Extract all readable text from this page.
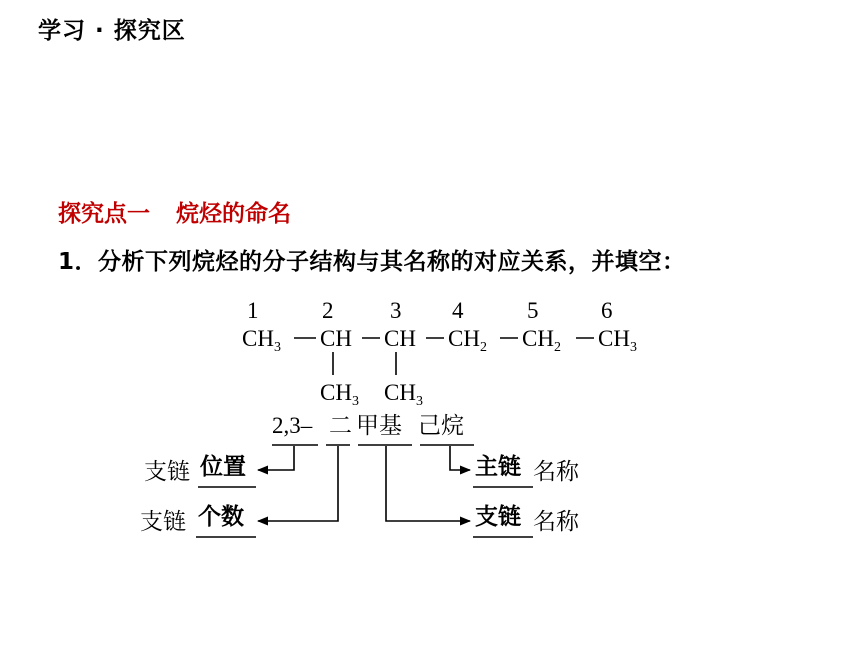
学习 · 探究区
探究点一 烷烃的命名
1．分析下列烷烃的分子结构与其名称的对应关系，并填空：
1	2 3 4	5	6
CH3 CH CH CH2 CH2 CH3
CH3 CH3
2,3– 二 甲基 己烷
支链 位置
支链 个数
主链 名称
支链 名称
